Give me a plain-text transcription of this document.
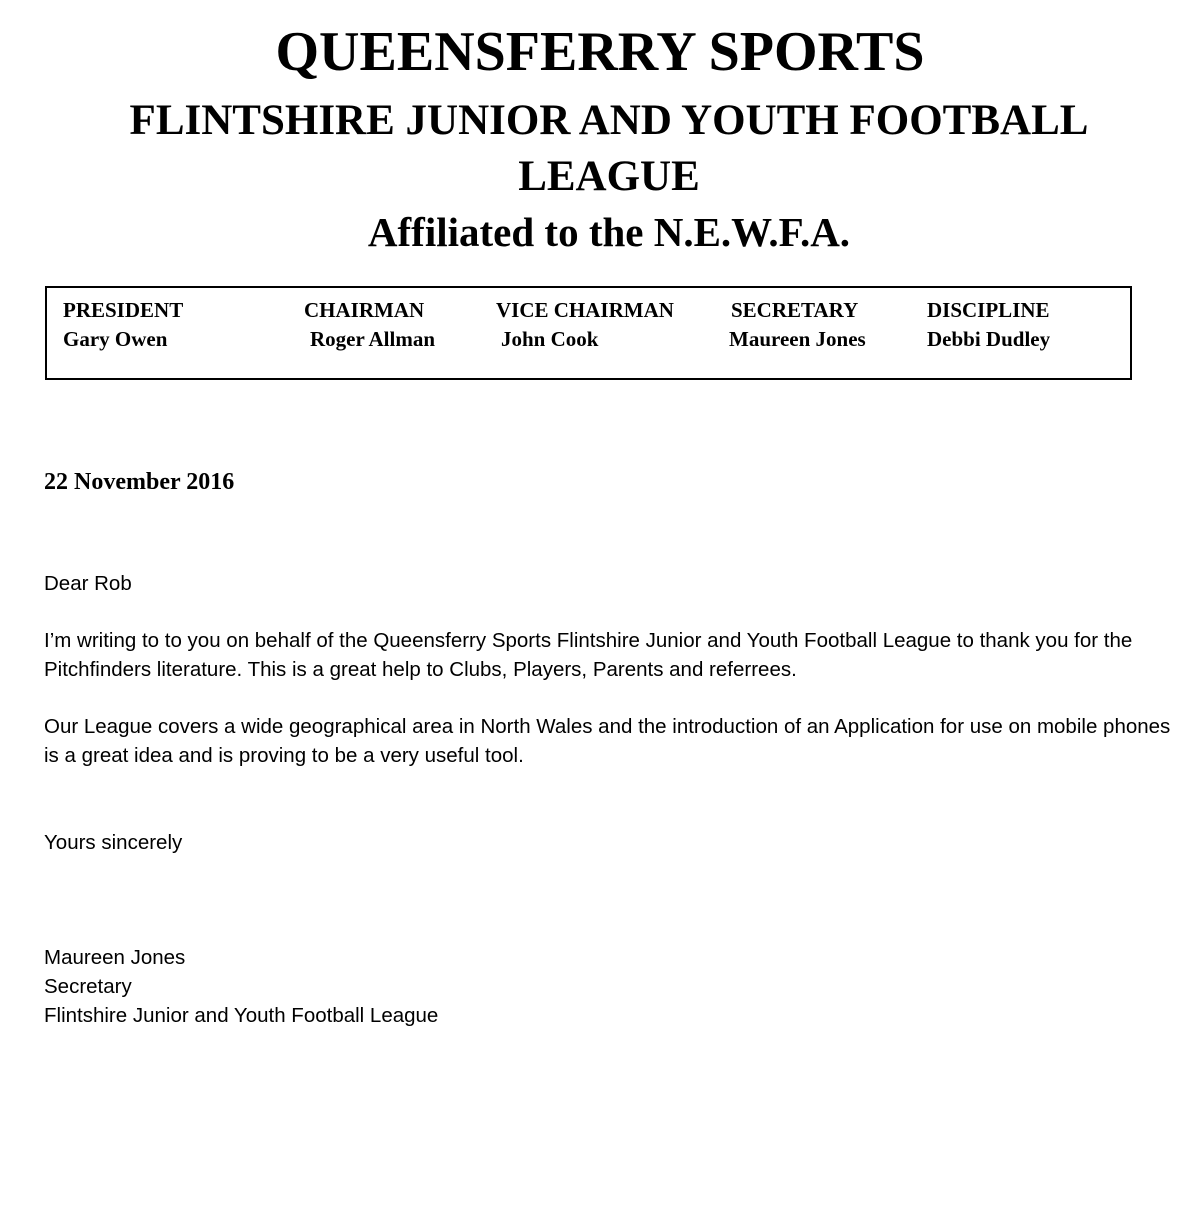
QUEENSFERRY SPORTS
FLINTSHIRE JUNIOR AND YOUTH FOOTBALL LEAGUE
Affiliated to the N.E.W.F.A.
PRESIDENT
Gary Owen
CHAIRMAN
Roger Allman
VICE CHAIRMAN
John Cook
SECRETARY
Maureen Jones
DISCIPLINE
Debbi Dudley
22 November 2016

Dear Rob

I’m writing to to you on behalf of the Queensferry Sports Flintshire Junior and Youth Football League to thank you for the Pitchfinders literature. This is a great help to Clubs, Players, Parents and referrees.

Our League covers a wide geographical area in North Wales and the introduction of an Application for use on mobile phones is a great idea and is proving to be a very useful tool.

Yours sincerely

Maureen Jones

Secretary

Flintshire Junior and Youth Football League
